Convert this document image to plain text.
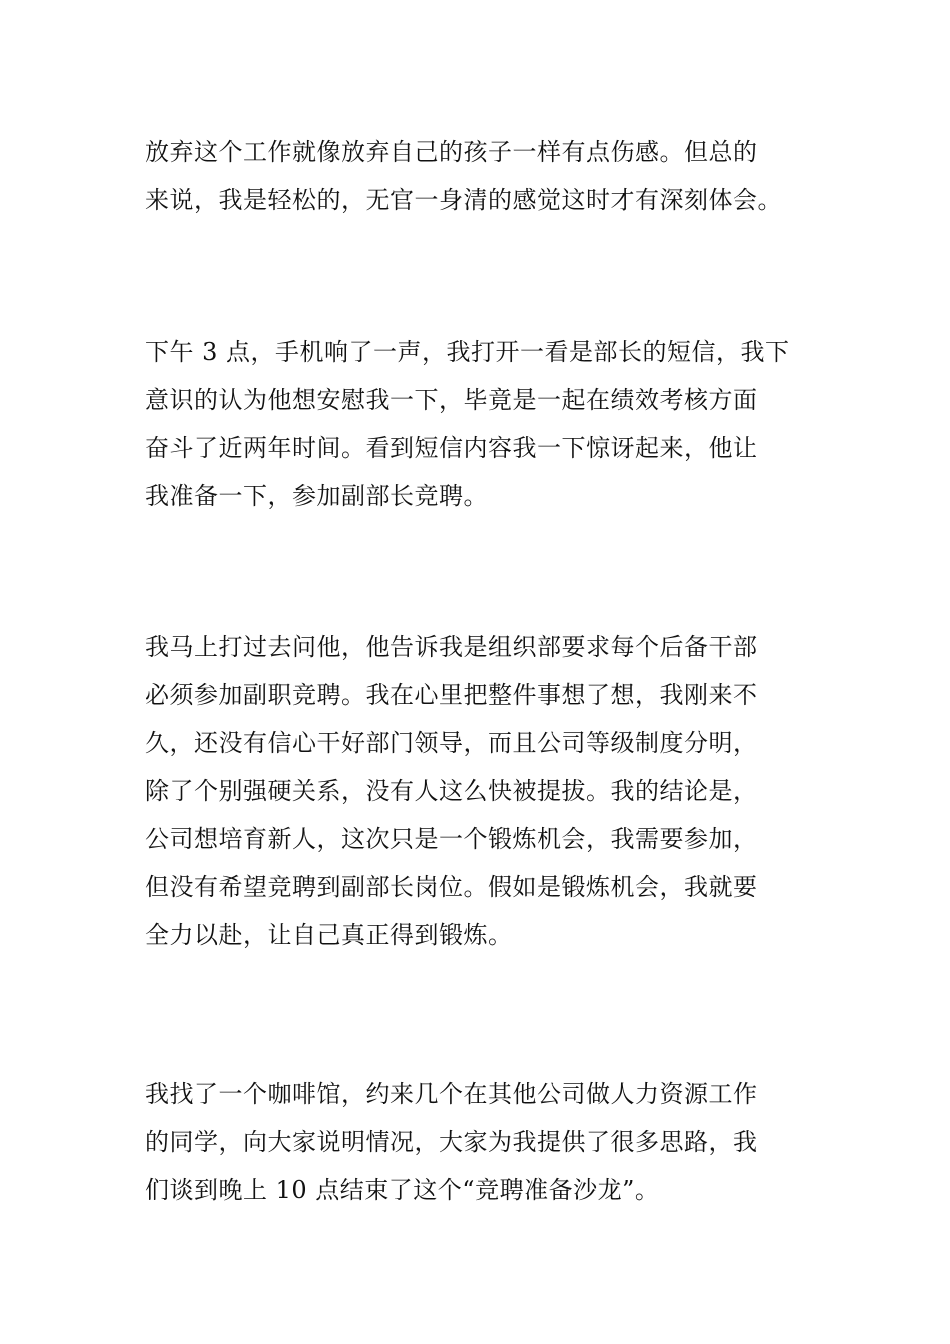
放弃这个工作就像放弃自己的孩子一样有点伤感。但总的
来说，我是轻松的，无官一身清的感觉这时才有深刻体会。
下午 3 点，手机响了一声，我打开一看是部长的短信，我下
意识的认为他想安慰我一下，毕竟是一起在绩效考核方面
奋斗了近两年时间。看到短信内容我一下惊讶起来，他让
我准备一下，参加副部长竞聘。
我马上打过去问他，他告诉我是组织部要求每个后备干部
必须参加副职竞聘。我在心里把整件事想了想，我刚来不
久，还没有信心干好部门领导，而且公司等级制度分明，
除了个别强硬关系，没有人这么快被提拔。我的结论是，
公司想培育新人，这次只是一个锻炼机会，我需要参加，
但没有希望竞聘到副部长岗位。假如是锻炼机会，我就要
全力以赴，让自己真正得到锻炼。
我找了一个咖啡馆，约来几个在其他公司做人力资源工作
的同学，向大家说明情况，大家为我提供了很多思路，我
们谈到晚上 10 点结束了这个“竞聘准备沙龙”。
